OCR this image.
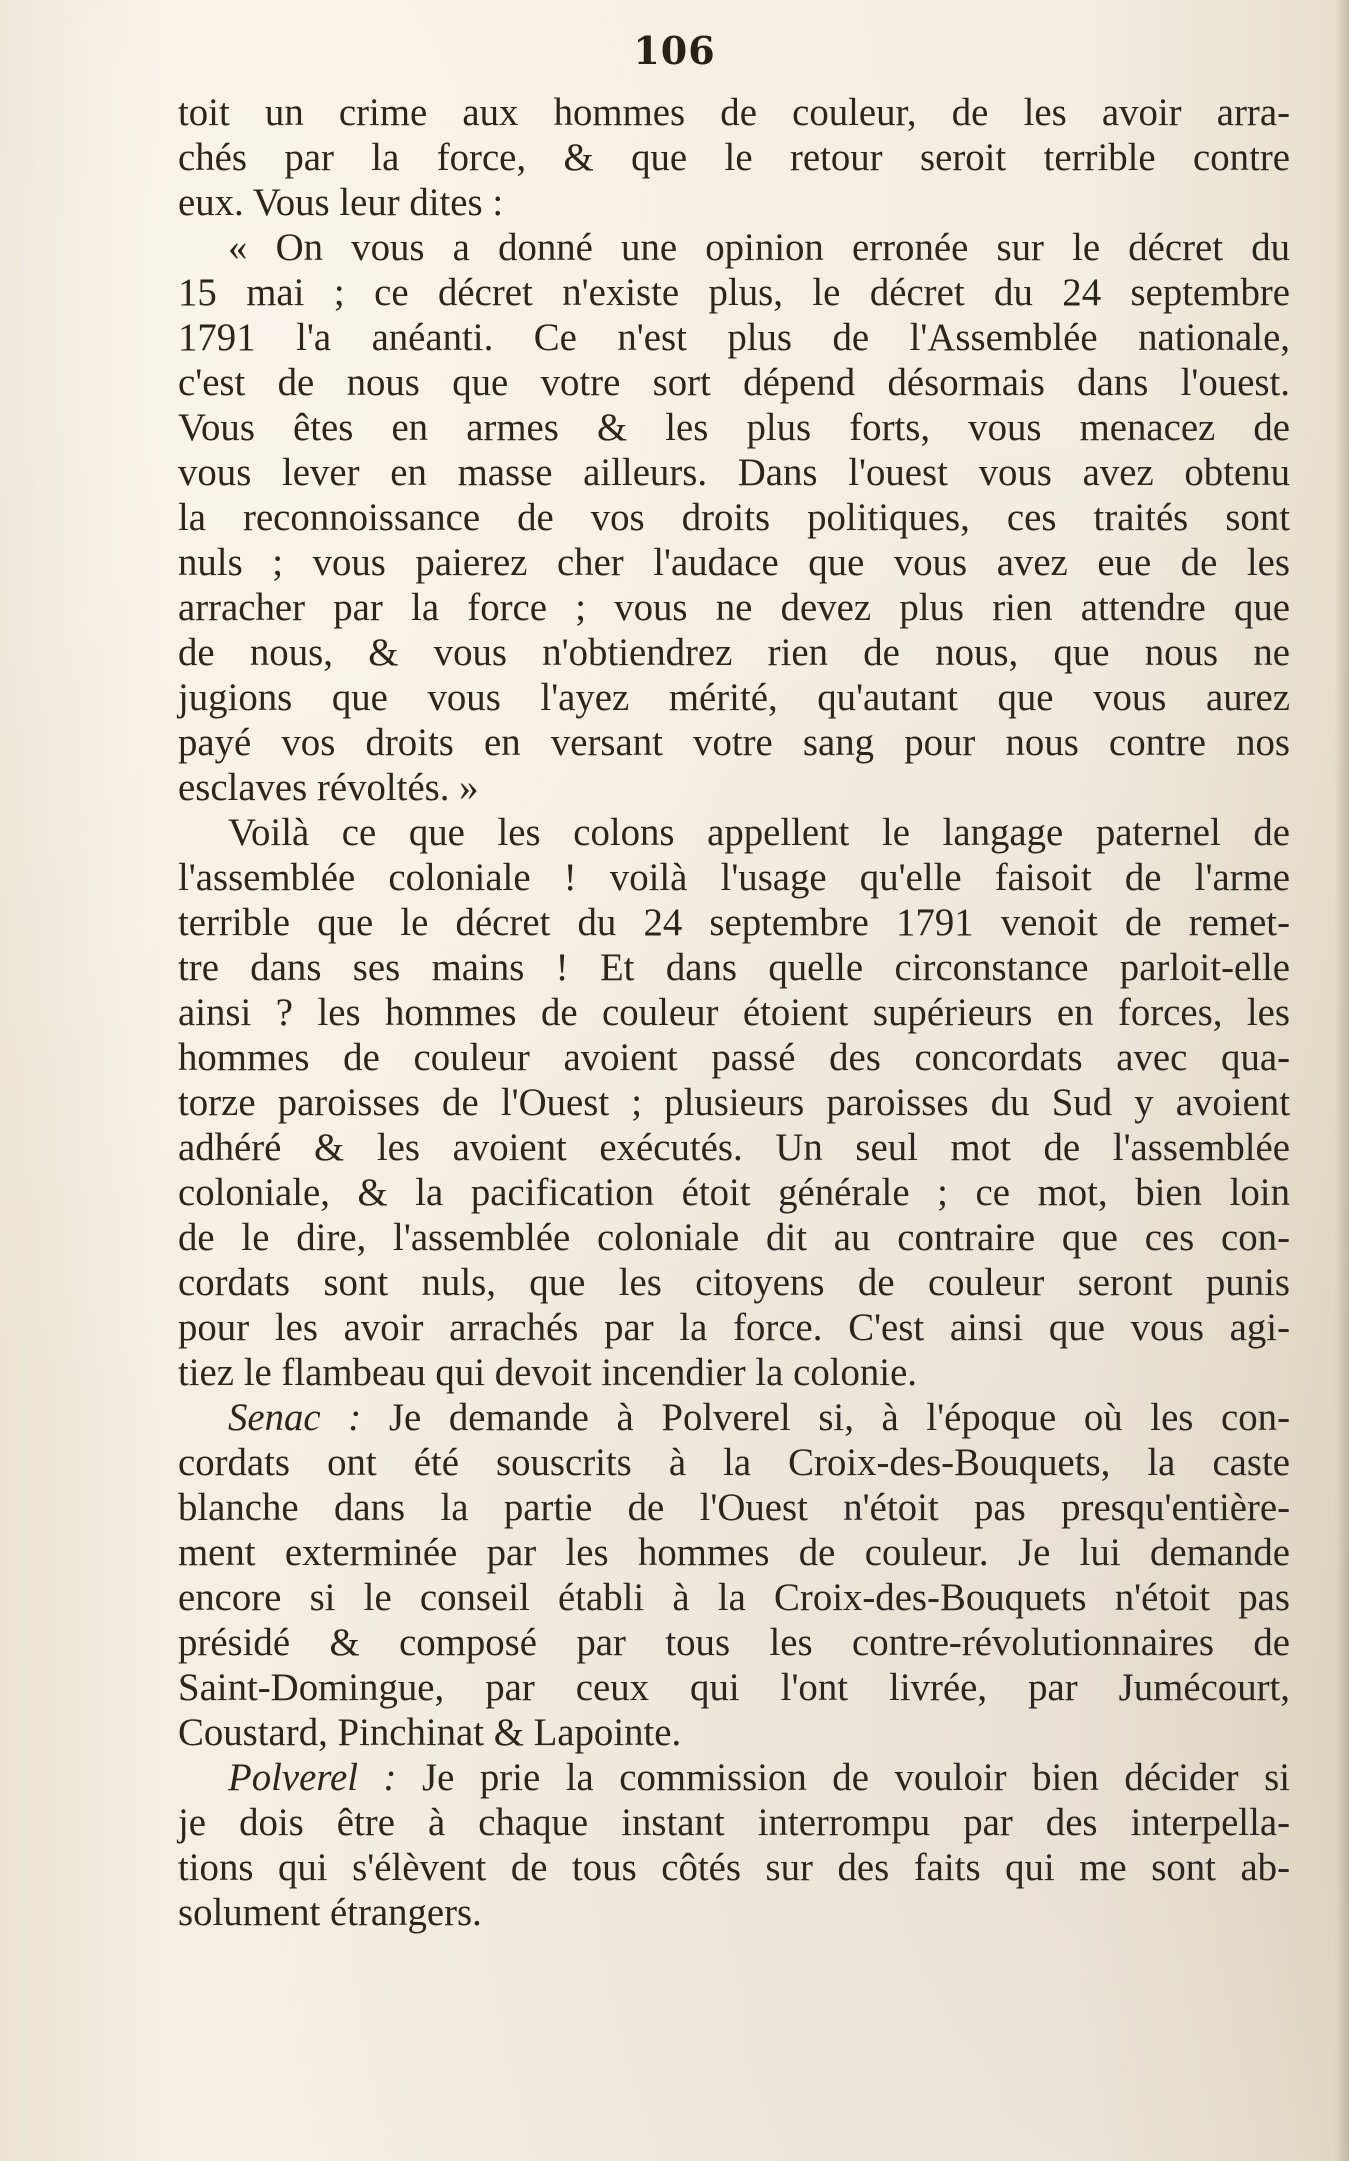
106
toit un crime aux hommes de couleur, de les avoir arra-
chés par la force, & que le retour seroit terrible contre
eux. Vous leur dites :
« On vous a donné une opinion erronée sur le décret du
15 mai ; ce décret n'existe plus, le décret du 24 septembre
1791 l'a anéanti. Ce n'est plus de l'Assemblée nationale,
c'est de nous que votre sort dépend désormais dans l'ouest.
Vous êtes en armes & les plus forts, vous menacez de
vous lever en masse ailleurs. Dans l'ouest vous avez obtenu
la reconnoissance de vos droits politiques, ces traités sont
nuls ; vous paierez cher l'audace que vous avez eue de les
arracher par la force ; vous ne devez plus rien attendre que
de nous, & vous n'obtiendrez rien de nous, que nous ne
jugions que vous l'ayez mérité, qu'autant que vous aurez
payé vos droits en versant votre sang pour nous contre nos
esclaves révoltés. »
Voilà ce que les colons appellent le langage paternel de
l'assemblée coloniale ! voilà l'usage qu'elle faisoit de l'arme
terrible que le décret du 24 septembre 1791 venoit de remet-
tre dans ses mains ! Et dans quelle circonstance parloit-elle
ainsi ? les hommes de couleur étoient supérieurs en forces, les
hommes de couleur avoient passé des concordats avec qua-
torze paroisses de l'Ouest ; plusieurs paroisses du Sud y avoient
adhéré & les avoient exécutés. Un seul mot de l'assemblée
coloniale, & la pacification étoit générale ; ce mot, bien loin
de le dire, l'assemblée coloniale dit au contraire que ces con-
cordats sont nuls, que les citoyens de couleur seront punis
pour les avoir arrachés par la force. C'est ainsi que vous agi-
tiez le flambeau qui devoit incendier la colonie.
Senac : Je demande à Polverel si, à l'époque où les con-
cordats ont été souscrits à la Croix-des-Bouquets, la caste
blanche dans la partie de l'Ouest n'étoit pas presqu'entière-
ment exterminée par les hommes de couleur. Je lui demande
encore si le conseil établi à la Croix-des-Bouquets n'étoit pas
présidé & composé par tous les contre-révolutionnaires de
Saint-Domingue, par ceux qui l'ont livrée, par Jumécourt,
Coustard, Pinchinat & Lapointe.
Polverel : Je prie la commission de vouloir bien décider si
je dois être à chaque instant interrompu par des interpella-
tions qui s'élèvent de tous côtés sur des faits qui me sont ab-
solument étrangers.
